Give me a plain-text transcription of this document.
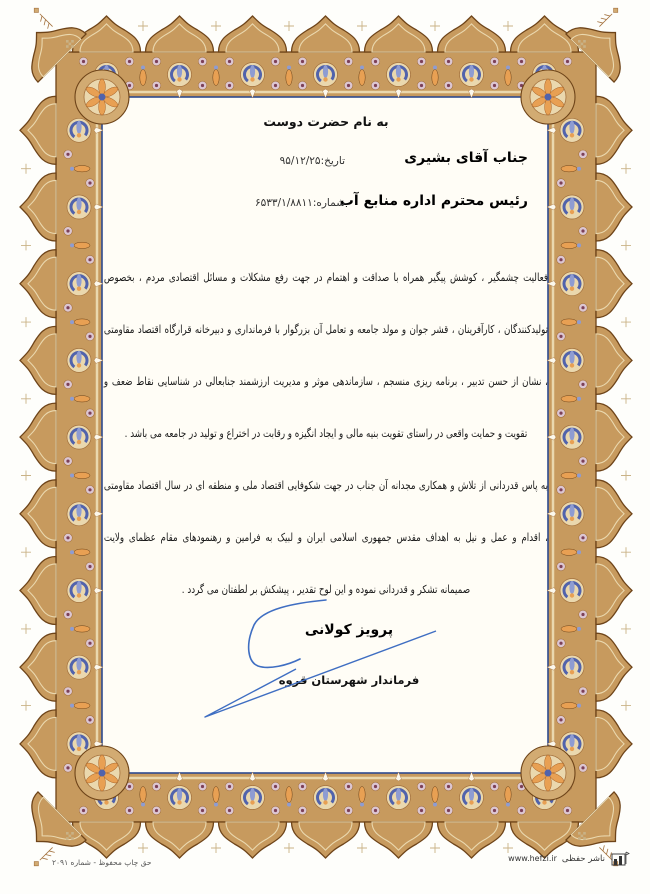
به نام حضرت دوست
جناب آقای بشیری
رئیس محترم اداره منابع آب
تاریخ:۹۵/۱۲/۲۵
شماره:۶۵۳۳/۱/۸۸۱۱
فعالیت چشمگیر ، کوشش پیگیر همراه با صداقت و اهتمام در جهت رفع مشکلات و مسائل اقتصادی مردم ، بخصوص
تولیدکنندگان ، کارآفرینان ، قشر جوان و مولد جامعه و تعامل آن بزرگوار با فرمانداری و دبیرخانه قرارگاه اقتصاد مقاومتی
، نشان از حسن تدبیر ، برنامه ریزی منسجم ، سازماندهی موثر و مدیریت ارزشمند جنابعالی در شناسایی نقاط ضعف و
تقویت و حمایت واقعی در راستای تقویت بنیه مالی و ایجاد انگیزه و رقابت در اختراع و تولید در جامعه می باشد .
به پاس قدردانی از تلاش و همکاری مجدانه آن جناب در جهت شکوفایی اقتصاد ملی و منطقه ای در سال اقتصاد مقاومتی
، اقدام و عمل و نیل به اهداف مقدس جمهوری اسلامی ایران و لبیک به فرامین و رهنمودهای مقام عظمای ولایت
صمیمانه تشکر و قدردانی نموده و این لوح تقدیر ، پیشکش بر لطفتان می گردد .
پرویز کولانی
فرماندار شهرستان قروه
حق چاپ محفوظ - شماره ۲۰۹۱	www.hefzi.ir ناشر حفظی
